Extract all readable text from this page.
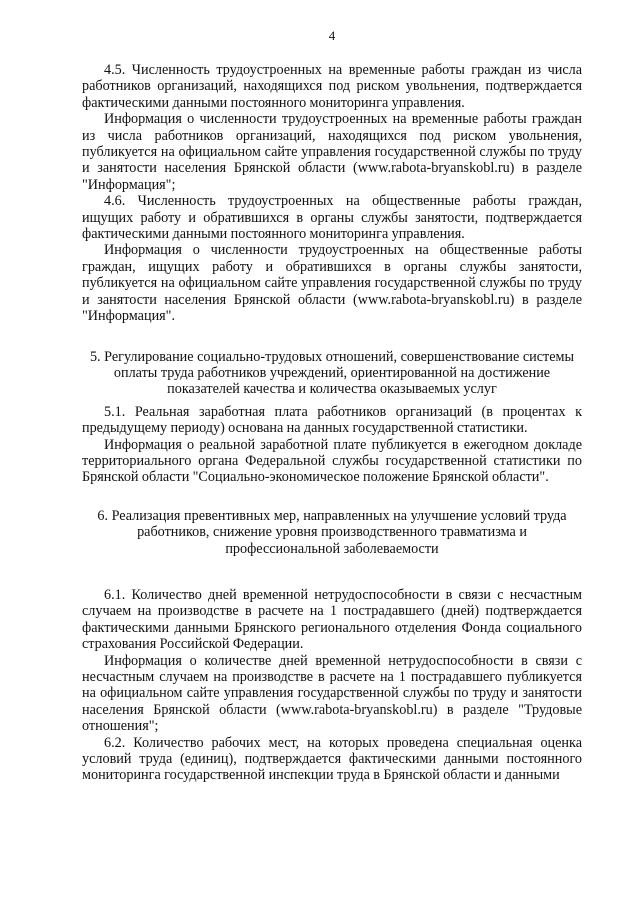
4

4.5. Численность трудоустроенных на временные работы граждан из числа работников организаций, находящихся под риском увольнения, подтверждается фактическими данными постоянного мониторинга управления.

Информация о численности трудоустроенных на временные работы граждан из числа работников организаций, находящихся под риском увольнения, публикуется на официальном сайте управления государственной службы по труду и занятости населения Брянской области (www.rabota-bryanskobl.ru) в разделе "Информация";

4.6. Численность трудоустроенных на общественные работы граждан, ищущих работу и обратившихся в органы службы занятости, подтверждается фактическими данными постоянного мониторинга управления.

Информация о численности трудоустроенных на общественные работы граждан, ищущих работу и обратившихся в органы службы занятости, публикуется на официальном сайте управления государственной службы по труду и занятости населения Брянской области (www.rabota-bryanskobl.ru) в разделе "Информация".

5. Регулирование социально-трудовых отношений, совершенствование системы оплаты труда работников учреждений, ориентированной на достижение показателей качества и количества оказываемых услуг

5.1. Реальная заработная плата работников организаций (в процентах к предыдущему периоду) основана на данных государственной статистики.

Информация о реальной заработной плате публикуется в ежегодном докладе территориального органа Федеральной службы государственной статистики по Брянской области "Социально-экономическое положение Брянской области".

6. Реализация превентивных мер, направленных на улучшение условий труда работников, снижение уровня производственного травматизма и профессиональной заболеваемости

6.1. Количество дней временной нетрудоспособности в связи с несчастным случаем на производстве в расчете на 1 пострадавшего (дней) подтверждается фактическими данными Брянского регионального отделения Фонда социального страхования Российской Федерации.

Информация о количестве дней временной нетрудоспособности в связи с несчастным случаем на производстве в расчете на 1 пострадавшего публикуется на официальном сайте управления государственной службы по труду и занятости населения Брянской области (www.rabota-bryanskobl.ru) в разделе "Трудовые отношения";

6.2. Количество рабочих мест, на которых проведена специальная оценка условий труда (единиц), подтверждается фактическими данными постоянного мониторинга государственной инспекции труда в Брянской области и данными
